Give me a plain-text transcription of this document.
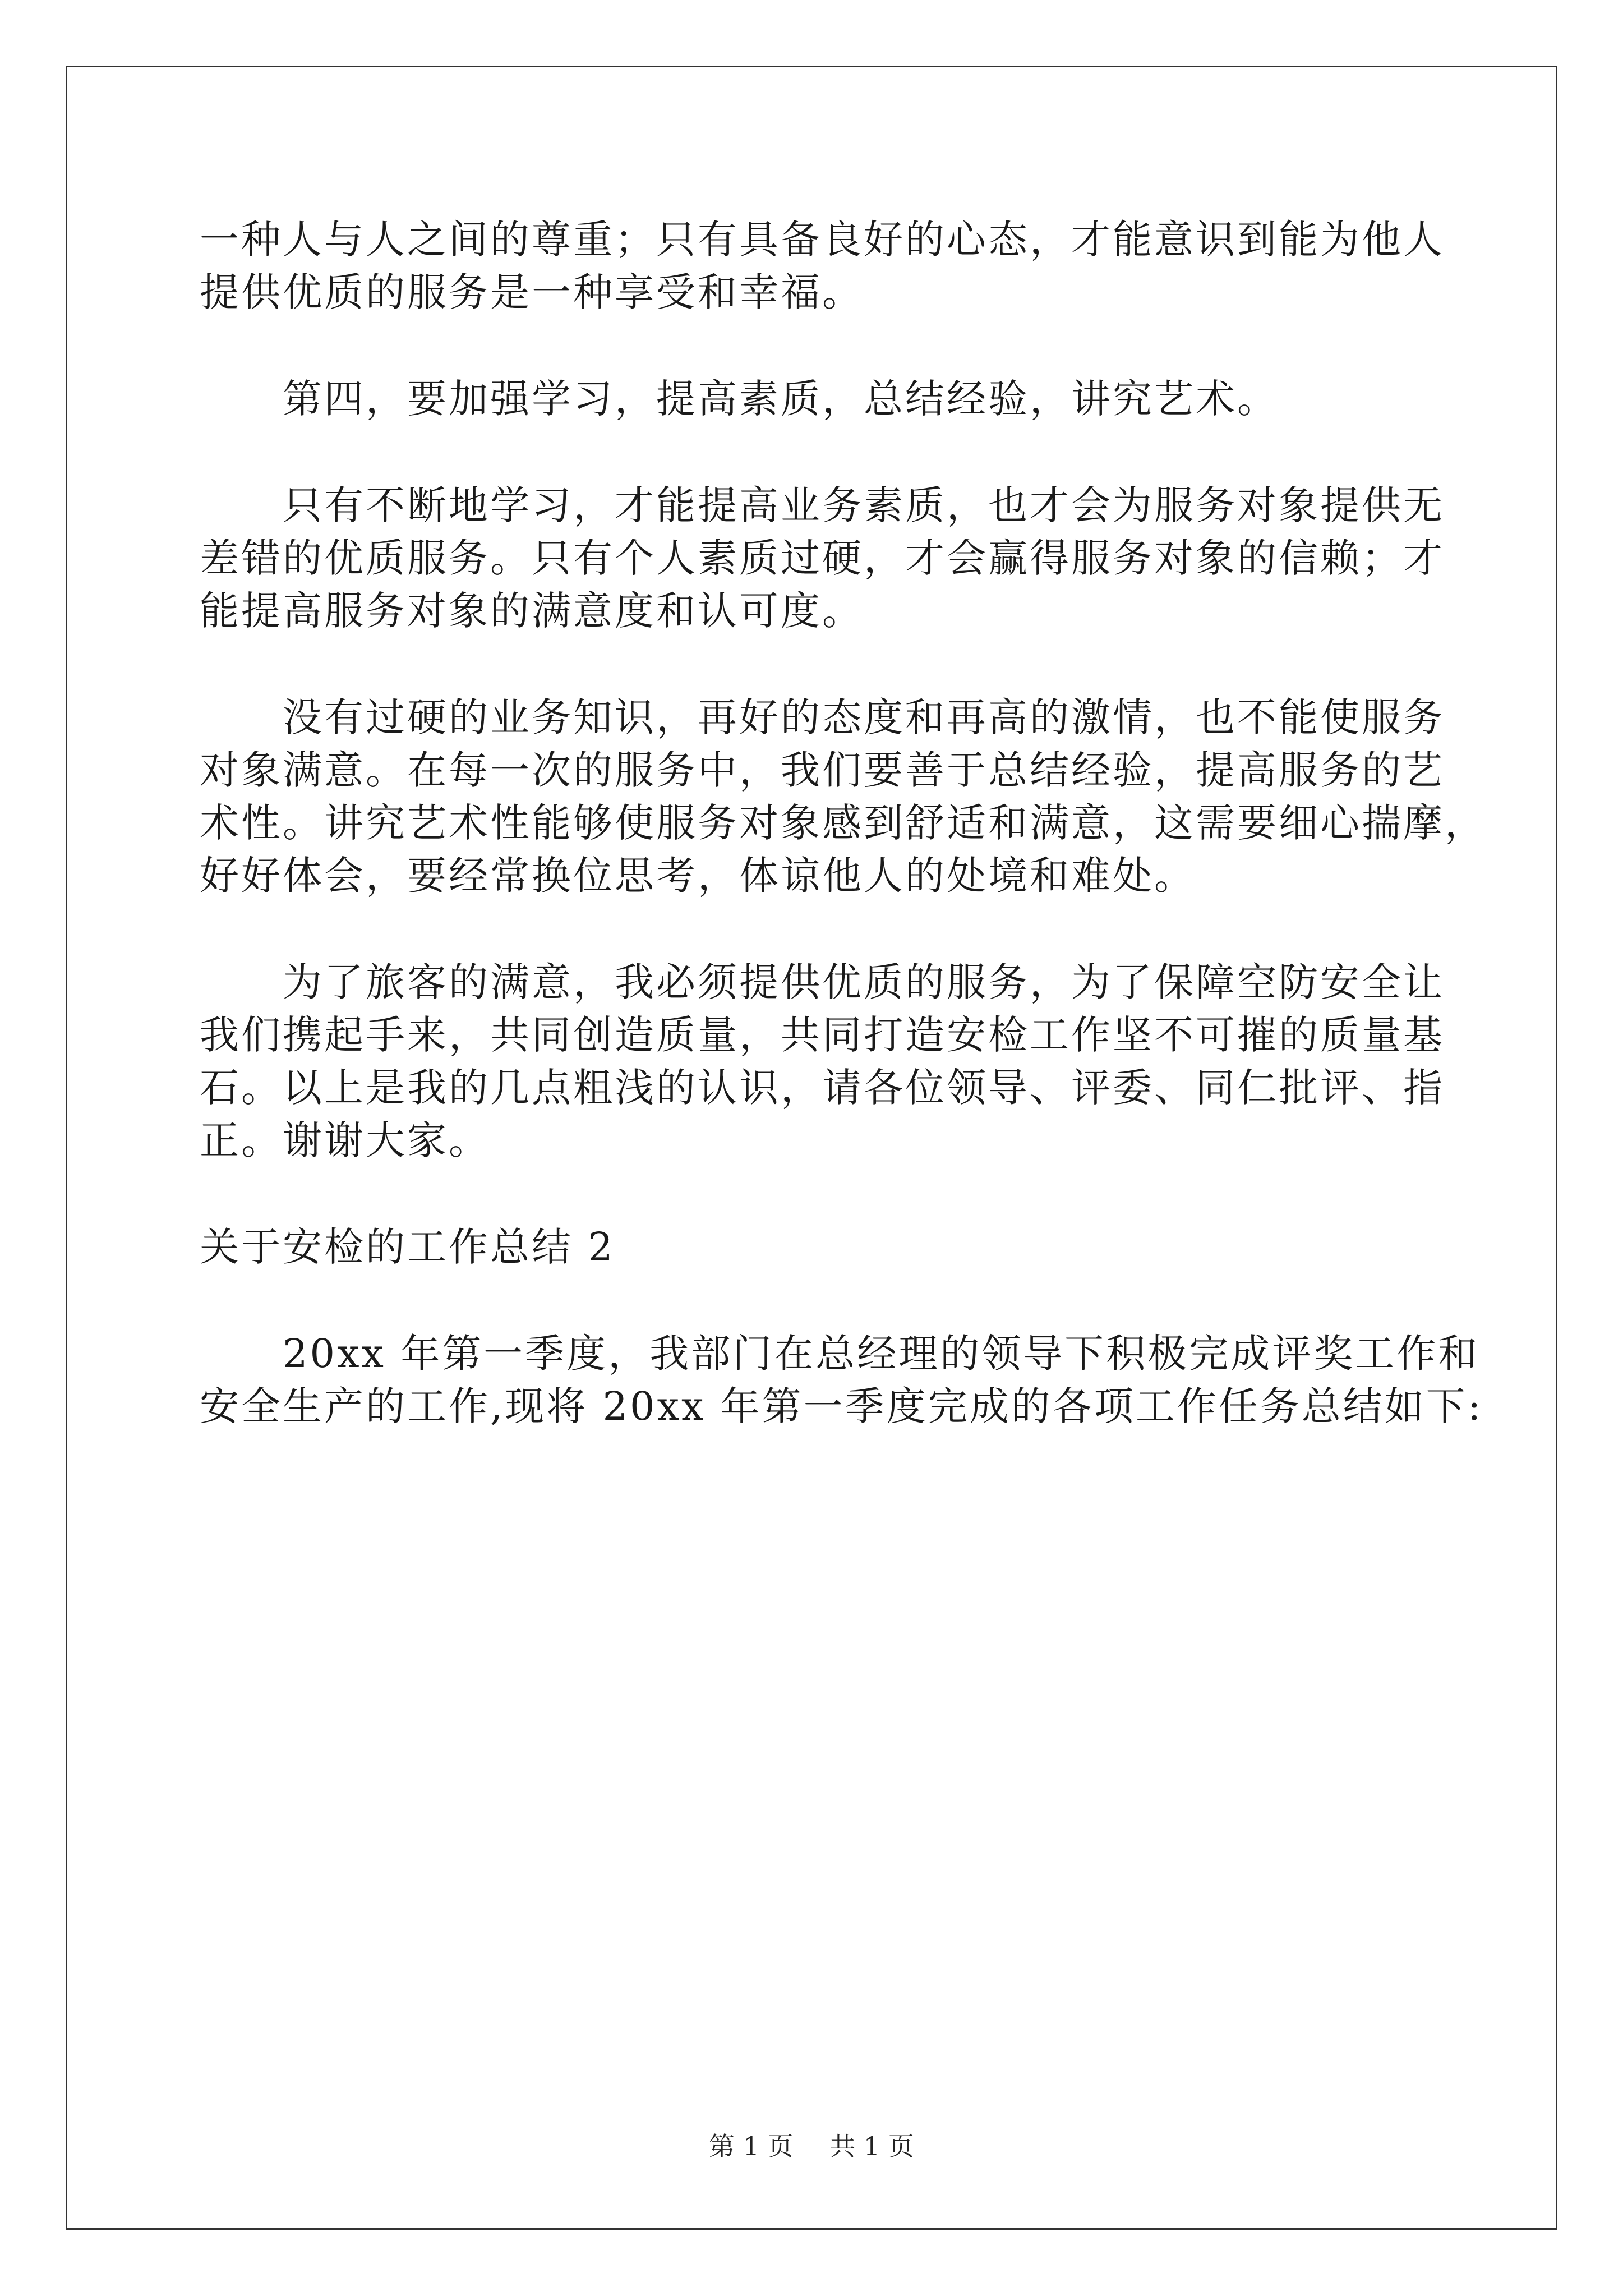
一种人与人之间的尊重；只有具备良好的心态，才能意识到能为他人

提供优质的服务是一种享受和幸福。

第四，要加强学习，提高素质，总结经验，讲究艺术。

只有不断地学习，才能提高业务素质，也才会为服务对象提供无

差错的优质服务。只有个人素质过硬，才会赢得服务对象的信赖；才

能提高服务对象的满意度和认可度。

没有过硬的业务知识，再好的态度和再高的激情，也不能使服务

对象满意。在每一次的服务中，我们要善于总结经验，提高服务的艺

术性。讲究艺术性能够使服务对象感到舒适和满意，这需要细心揣摩，

好好体会，要经常换位思考，体谅他人的处境和难处。

为了旅客的满意，我必须提供优质的服务，为了保障空防安全让

我们携起手来，共同创造质量，共同打造安检工作坚不可摧的质量基

石。以上是我的几点粗浅的认识，请各位领导、评委、同仁批评、指

正。谢谢大家。

关于安检的工作总结 2

20xx 年第一季度，我部门在总经理的领导下积极完成评奖工作和

安全生产的工作,现将 20xx 年第一季度完成的各项工作任务总结如下:

第 1 页 共 1 页
